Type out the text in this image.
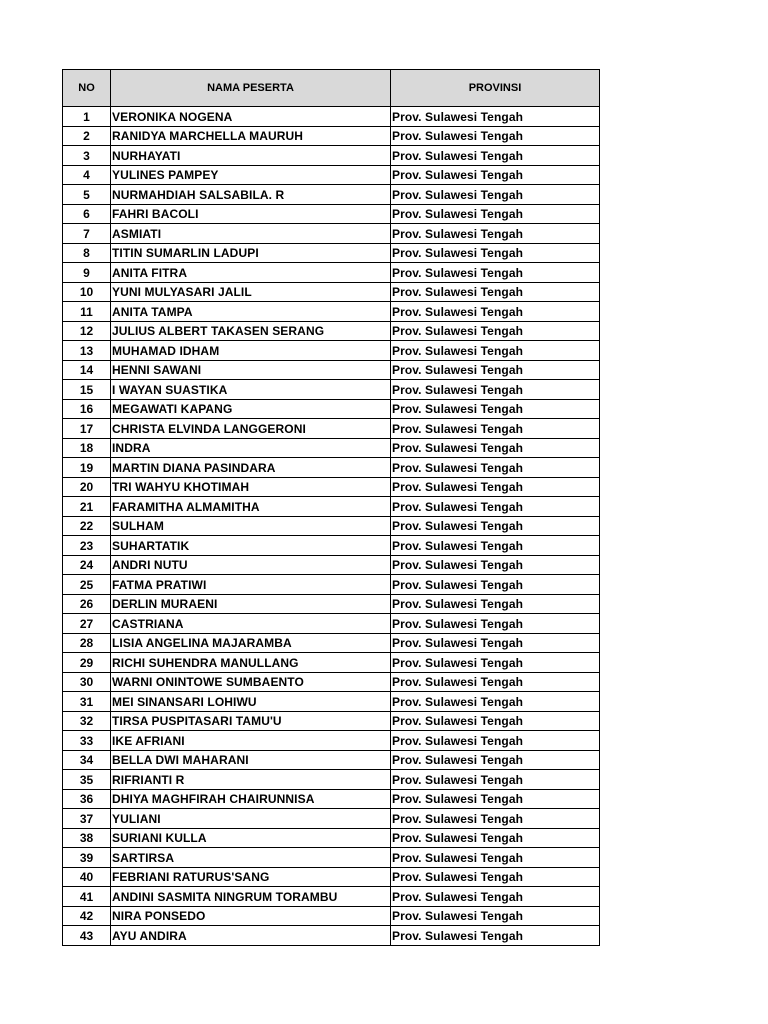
NO	NAMA PESERTA	PROVINSI
1	VERONIKA NOGENA	Prov. Sulawesi Tengah
2	RANIDYA MARCHELLA MAURUH	Prov. Sulawesi Tengah
3	NURHAYATI	Prov. Sulawesi Tengah
4	YULINES PAMPEY	Prov. Sulawesi Tengah
5	NURMAHDIAH SALSABILA. R	Prov. Sulawesi Tengah
6	FAHRI BACOLI	Prov. Sulawesi Tengah
7	ASMIATI	Prov. Sulawesi Tengah
8	TITIN SUMARLIN LADUPI	Prov. Sulawesi Tengah
9	ANITA FITRA	Prov. Sulawesi Tengah
10	YUNI MULYASARI JALIL	Prov. Sulawesi Tengah
11	ANITA TAMPA	Prov. Sulawesi Tengah
12	JULIUS ALBERT TAKASEN SERANG	Prov. Sulawesi Tengah
13	MUHAMAD IDHAM	Prov. Sulawesi Tengah
14	HENNI SAWANI	Prov. Sulawesi Tengah
15	I WAYAN SUASTIKA	Prov. Sulawesi Tengah
16	MEGAWATI KAPANG	Prov. Sulawesi Tengah
17	CHRISTA ELVINDA LANGGERONI	Prov. Sulawesi Tengah
18	INDRA	Prov. Sulawesi Tengah
19	MARTIN DIANA PASINDARA	Prov. Sulawesi Tengah
20	TRI WAHYU KHOTIMAH	Prov. Sulawesi Tengah
21	FARAMITHA ALMAMITHA	Prov. Sulawesi Tengah
22	SULHAM	Prov. Sulawesi Tengah
23	SUHARTATIK	Prov. Sulawesi Tengah
24	ANDRI NUTU	Prov. Sulawesi Tengah
25	FATMA PRATIWI	Prov. Sulawesi Tengah
26	DERLIN MURAENI	Prov. Sulawesi Tengah
27	CASTRIANA	Prov. Sulawesi Tengah
28	LISIA ANGELINA MAJARAMBA	Prov. Sulawesi Tengah
29	RICHI SUHENDRA MANULLANG	Prov. Sulawesi Tengah
30	WARNI ONINTOWE SUMBAENTO	Prov. Sulawesi Tengah
31	MEI SINANSARI LOHIWU	Prov. Sulawesi Tengah
32	TIRSA PUSPITASARI TAMU'U	Prov. Sulawesi Tengah
33	IKE AFRIANI	Prov. Sulawesi Tengah
34	BELLA DWI MAHARANI	Prov. Sulawesi Tengah
35	RIFRIANTI R	Prov. Sulawesi Tengah
36	DHIYA MAGHFIRAH CHAIRUNNISA	Prov. Sulawesi Tengah
37	YULIANI	Prov. Sulawesi Tengah
38	SURIANI KULLA	Prov. Sulawesi Tengah
39	SARTIRSA	Prov. Sulawesi Tengah
40	FEBRIANI RATURUS'SANG	Prov. Sulawesi Tengah
41	ANDINI SASMITA NINGRUM TORAMBU	Prov. Sulawesi Tengah
42	NIRA PONSEDO	Prov. Sulawesi Tengah
43	AYU ANDIRA	Prov. Sulawesi Tengah
